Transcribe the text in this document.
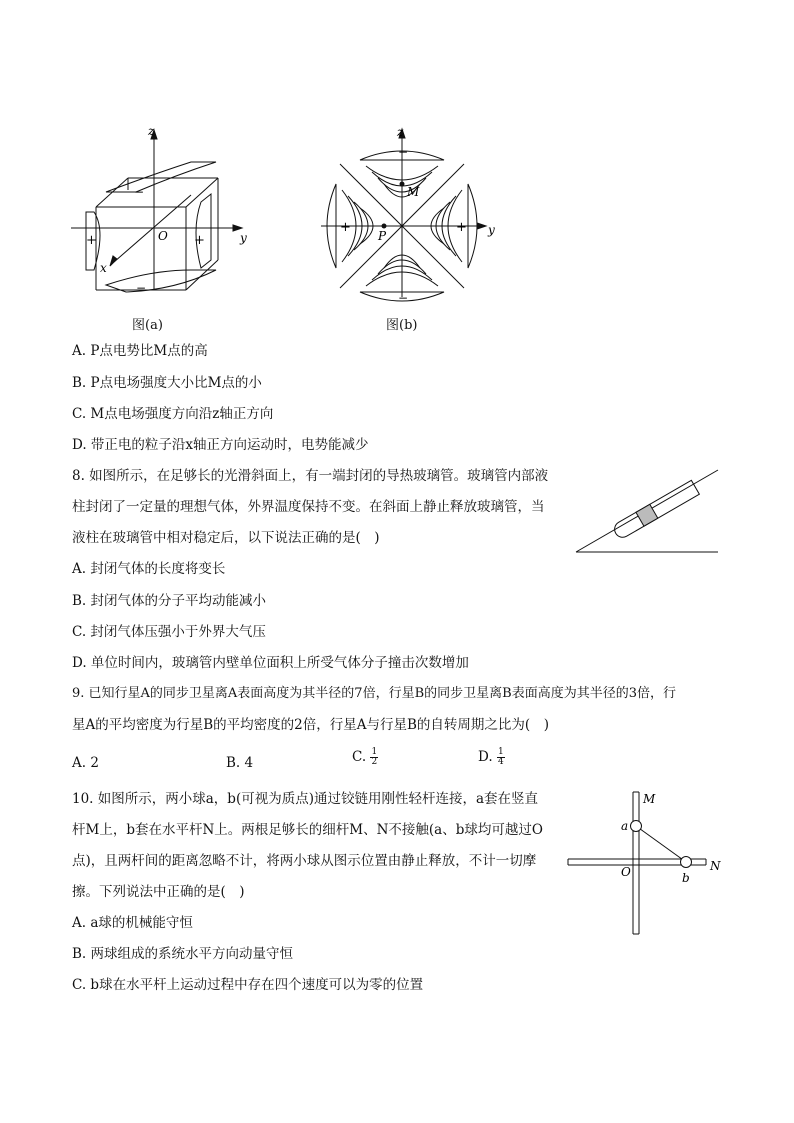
z
y
x
O
−
−
+	+
图(a)
z
y
M
P
−
−
+	+
图(b)
A. P点电势比M点的高
B. P点电场强度大小比M点的小
C. M点电场强度方向沿z轴正方向
D. 带正电的粒子沿x轴正方向运动时，电势能减少
8. 如图所示，在足够长的光滑斜面上，有一端封闭的导热玻璃管。玻璃管内部液
柱封闭了一定量的理想气体，外界温度保持不变。在斜面上静止释放玻璃管，当
液柱在玻璃管中相对稳定后，以下说法正确的是(　)
A. 封闭气体的长度将变长
B. 封闭气体的分子平均动能减小
C. 封闭气体压强小于外界大气压
D. 单位时间内，玻璃管内壁单位面积上所受气体分子撞击次数增加
9. 已知行星A的同步卫星离A表面高度为其半径的7倍，行星B的同步卫星离B表面高度为其半径的3倍，行
星A的平均密度为行星B的平均密度的2倍，行星A与行星B的自转周期之比为(　)
A. 2	B. 4	C. $\frac{1}{2}$	D. $\frac{1}{4}$
10. 如图所示，两小球a，b(可视为质点)通过铰链用刚性轻杆连接，a套在竖直
杆M上，b套在水平杆N上。两根足够长的细杆M、N不接触(a、b球均可越过O
点)，且两杆间的距离忽略不计，将两小球从图示位置由静止释放，不计一切摩
擦。下列说法中正确的是(　)
M
N
a
b
O
A. a球的机械能守恒
B. 两球组成的系统水平方向动量守恒
C. b球在水平杆上运动过程中存在四个速度可以为零的位置
